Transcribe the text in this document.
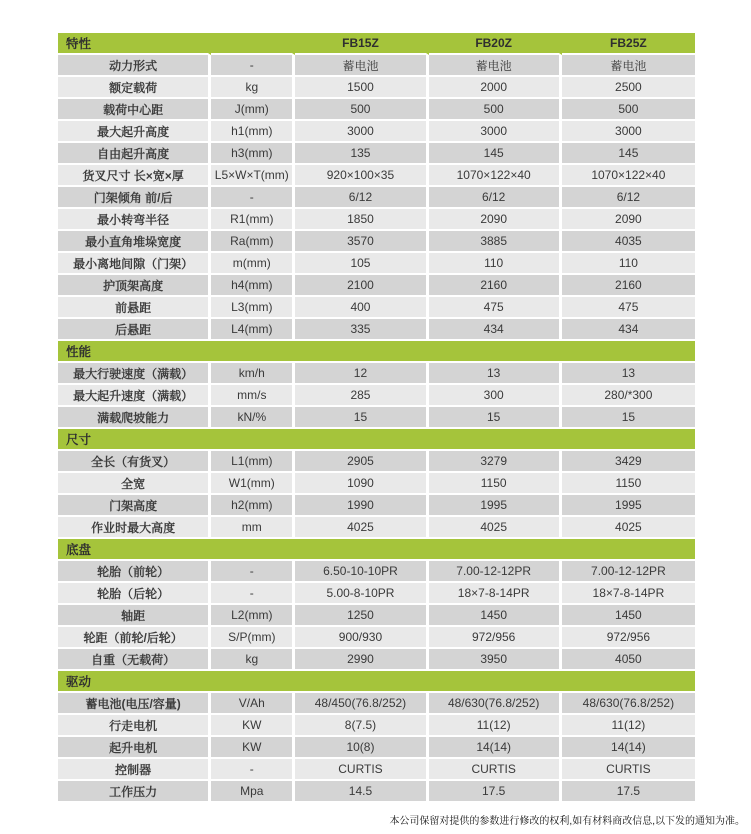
特性		FB15Z	FB20Z	FB25Z
动力形式	-	蓄电池	蓄电池	蓄电池
额定载荷	kg	1500	2000	2500
载荷中心距	J(mm)	500	500	500
最大起升高度	h1(mm)	3000	3000	3000
自由起升高度	h3(mm)	135	145	145
货叉尺寸 长×宽×厚	L5×W×T(mm)	920×100×35	1070×122×40	1070×122×40
门架倾角 前/后	-	6/12	6/12	6/12
最小转弯半径	R1(mm)	1850	2090	2090
最小直角堆垛宽度	Ra(mm)	3570	3885	4035
最小离地间隙（门架）	m(mm)	105	110	110
护顶架高度	h4(mm)	2100	2160	2160
前悬距	L3(mm)	400	475	475
后悬距	L4(mm)	335	434	434
性能				
最大行驶速度（满载）	km/h	12	13	13
最大起升速度（满载）	mm/s	285	300	280/*300
满载爬坡能力	kN/%	15	15	15
尺寸				
全长（有货叉）	L1(mm)	2905	3279	3429
全宽	W1(mm)	1090	1150	1150
门架高度	h2(mm)	1990	1995	1995
作业时最大高度	mm	4025	4025	4025
底盘				
轮胎（前轮）	-	6.50-10-10PR	7.00-12-12PR	7.00-12-12PR
轮胎（后轮）	-	5.00-8-10PR	18×7-8-14PR	18×7-8-14PR
轴距	L2(mm)	1250	1450	1450
轮距（前轮/后轮）	S/P(mm)	900/930	972/956	972/956
自重（无载荷）	kg	2990	3950	4050
驱动				
蓄电池(电压/容量)	V/Ah	48/450(76.8/252)	48/630(76.8/252)	48/630(76.8/252)
行走电机	KW	8(7.5)	11(12)	11(12)
起升电机	KW	10(8)	14(14)	14(14)
控制器	-	CURTIS	CURTIS	CURTIS
工作压力	Mpa	14.5	17.5	17.5
本公司保留对提供的参数进行修改的权利,如有材料商改信息,以下发的通知为准。
